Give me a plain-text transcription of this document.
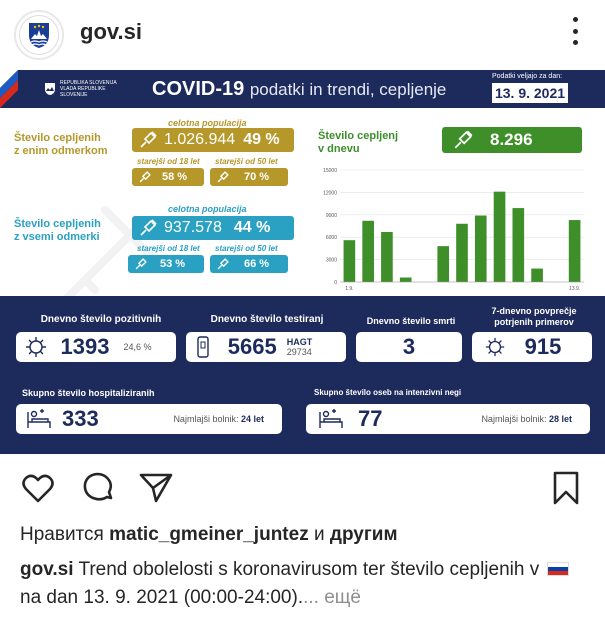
gov.si
REPUBLIKA SLOVENIJA VLADA REPUBLIKE SLOVENIJE	COVID-19 podatki in trendi, cepljenje
Podatki veljajo za dan:
13. 9. 2021
Število cepljenih
z enim odmerkom
celotna populacija
1.026.944 49 %
starejši od 18 let starejši od 50 let
58 %	70 %
Število cepljenih
z vsemi odmerki
celotna populacija
937.578 44 %
starejši od 18 let starejši od 50 let
53 %	66 %
Število cepljenj
v dnevu	8.296
0
3000
6000
9000
12000
15000
1.9.	13.9.
Dnevno število pozitivnih
1393 24,6 %
Dnevno število testiranj
5665 HAGT
29734
Dnevno število smrti
3
7-dnevno povprečje
potrjenih primerov
915
Skupno število hospitaliziranih
333	Najmlajši bolnik: 24 let
Skupno število oseb na intenzivni negi
77	Najmlajši bolnik: 28 let
Нравится matic_gmeiner_juntez и другим
gov.si Trend obolelosti s koronavirusom ter število cepljenih v  na dan 13. 9. 2021 (00:00-24:00).... ещё
